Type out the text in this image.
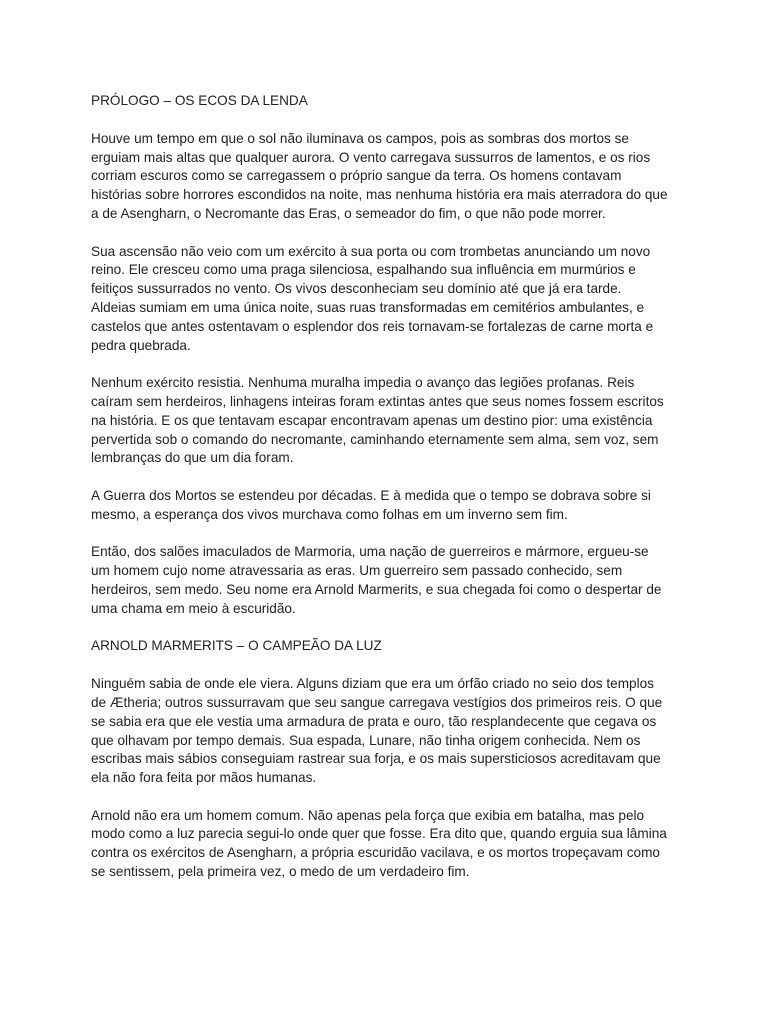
PRÓLOGO – OS ECOS DA LENDA
Houve um tempo em que o sol não iluminava os campos, pois as sombras dos mortos se
erguiam mais altas que qualquer aurora. O vento carregava sussurros de lamentos, e os rios
corriam escuros como se carregassem o próprio sangue da terra. Os homens contavam
histórias sobre horrores escondidos na noite, mas nenhuma história era mais aterradora do que
a de Asengharn, o Necromante das Eras, o semeador do fim, o que não pode morrer.
Sua ascensão não veio com um exército à sua porta ou com trombetas anunciando um novo
reino. Ele cresceu como uma praga silenciosa, espalhando sua influência em murmúrios e
feitiços sussurrados no vento. Os vivos desconheciam seu domínio até que já era tarde.
Aldeias sumiam em uma única noite, suas ruas transformadas em cemitérios ambulantes, e
castelos que antes ostentavam o esplendor dos reis tornavam-se fortalezas de carne morta e
pedra quebrada.
Nenhum exército resistia. Nenhuma muralha impedia o avanço das legiões profanas. Reis
caíram sem herdeiros, linhagens inteiras foram extintas antes que seus nomes fossem escritos
na história. E os que tentavam escapar encontravam apenas um destino pior: uma existência
pervertida sob o comando do necromante, caminhando eternamente sem alma, sem voz, sem
lembranças do que um dia foram.
A Guerra dos Mortos se estendeu por décadas. E à medida que o tempo se dobrava sobre si
mesmo, a esperança dos vivos murchava como folhas em um inverno sem fim.
Então, dos salões imaculados de Marmoria, uma nação de guerreiros e mármore, ergueu-se
um homem cujo nome atravessaria as eras. Um guerreiro sem passado conhecido, sem
herdeiros, sem medo. Seu nome era Arnold Marmerits, e sua chegada foi como o despertar de
uma chama em meio à escuridão.
ARNOLD MARMERITS – O CAMPEÃO DA LUZ
Ninguém sabia de onde ele viera. Alguns diziam que era um órfão criado no seio dos templos
de Ætheria; outros sussurravam que seu sangue carregava vestígios dos primeiros reis. O que
se sabia era que ele vestia uma armadura de prata e ouro, tão resplandecente que cegava os
que olhavam por tempo demais. Sua espada, Lunare, não tinha origem conhecida. Nem os
escribas mais sábios conseguiam rastrear sua forja, e os mais supersticiosos acreditavam que
ela não fora feita por mãos humanas.
Arnold não era um homem comum. Não apenas pela força que exibia em batalha, mas pelo
modo como a luz parecia segui-lo onde quer que fosse. Era dito que, quando erguia sua lâmina
contra os exércitos de Asengharn, a própria escuridão vacilava, e os mortos tropeçavam como
se sentissem, pela primeira vez, o medo de um verdadeiro fim.
